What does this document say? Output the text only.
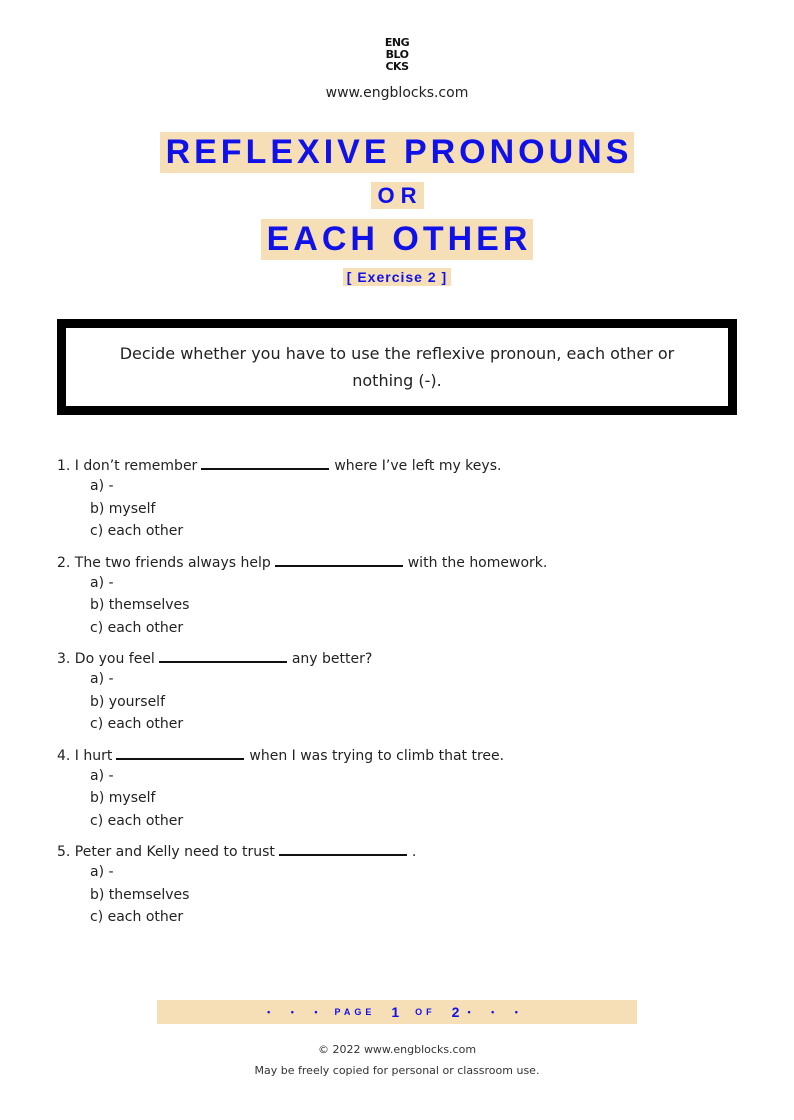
ENG
BLO
CKS
www.engblocks.com
REFLEXIVE PRONOUNS
OR
EACH OTHER
[ Exercise 2 ]
Decide whether you have to use the reflexive pronoun, each other or nothing (-).
1. I don’t remember	where I’ve left my keys.
a) -
b) myself
c) each other
2. The two friends always help	with the homework.
a) -
b) themselves
c) each other
3. Do you feel	any better?
a) -
b) yourself
c) each other
4. I hurt	when I was trying to climb that tree.
a) -
b) myself
c) each other
5. Peter and Kelly need to trust	.
a) -
b) themselves
c) each other
• • • PAGE 1 OF 2 • • •
© 2022 www.engblocks.com
May be freely copied for personal or classroom use.
